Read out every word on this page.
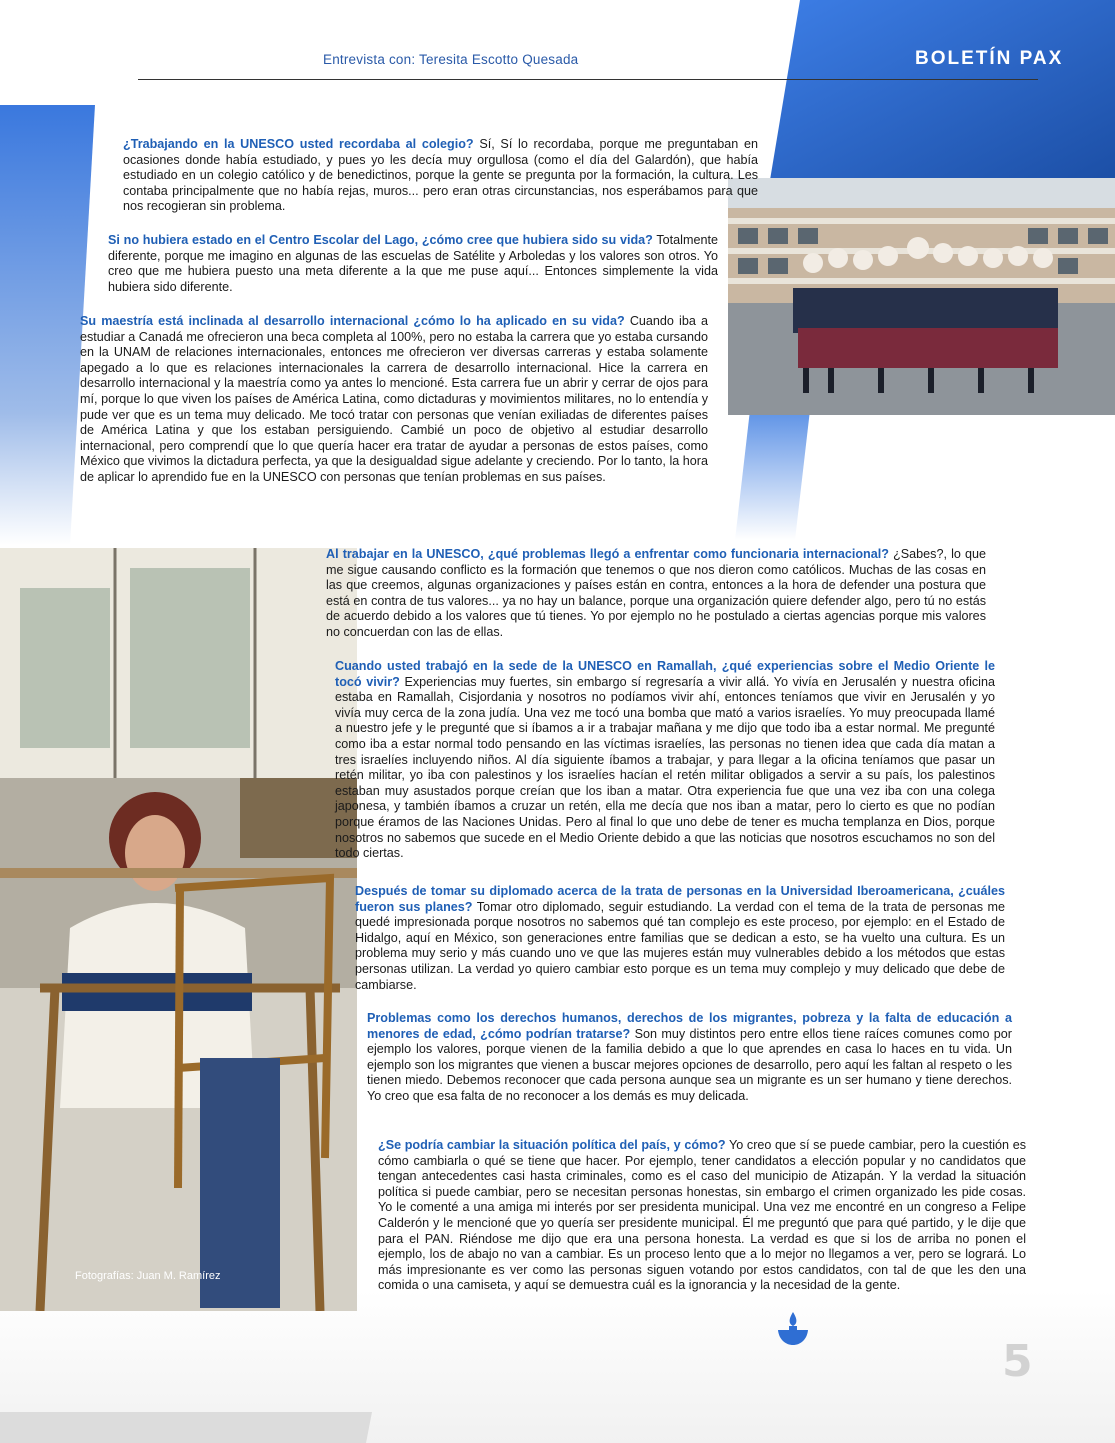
Entrevista con: Teresita Escotto Quesada	BOLETÍN PAX
Fotografías: Juan M. Ramírez
¿Trabajando en la UNESCO usted recordaba al colegio? Sí, Sí lo recordaba, porque me preguntaban en ocasiones donde había estudiado, y pues yo les decía muy orgullosa (como el día del Galardón), que había estudiado en un colegio católico y de benedictinos, porque la gente se pregunta por la formación, la cultura. Les contaba principalmente que no había rejas, muros... pero eran otras circunstancias, nos esperábamos para que nos recogieran sin problema.
Si no hubiera estado en el Centro Escolar del Lago, ¿cómo cree que hubiera sido su vida? Totalmente diferente, porque me imagino en algunas de las escuelas de Satélite y Arboledas y los valores son otros. Yo creo que me hubiera puesto una meta diferente a la que me puse aquí... Entonces simplemente la vida hubiera sido diferente.
Su maestría está inclinada al desarrollo internacional ¿cómo lo ha aplicado en su vida? Cuando iba a estudiar a Canadá me ofrecieron una beca completa al 100%, pero no estaba la carrera que yo estaba cursando en la UNAM de relaciones internacionales, entonces me ofrecieron ver diversas carreras y estaba solamente apegado a lo que es relaciones internacionales la carrera de desarrollo internacional. Hice la carrera en desarrollo internacional y la maestría como ya antes lo mencioné. Esta carrera fue un abrir y cerrar de ojos para mí, porque lo que viven los países de América Latina, como dictaduras y movimientos militares, no lo entendía y pude ver que es un tema muy delicado. Me tocó tratar con personas que venían exiliadas de diferentes países de América Latina y que los estaban persiguiendo. Cambié un poco de objetivo al estudiar desarrollo internacional, pero comprendí que lo que quería hacer era tratar de ayudar a personas de estos países, como México que vivimos la dictadura perfecta, ya que la desigualdad sigue adelante y creciendo. Por lo tanto, la hora de aplicar lo aprendido fue en la UNESCO con personas que tenían problemas en sus países.
Al trabajar en la UNESCO, ¿qué problemas llegó a enfrentar como funcionaria internacional? ¿Sabes?, lo que me sigue causando conflicto es la formación que tenemos o que nos dieron como católicos. Muchas de las cosas en las que creemos, algunas organizaciones y países están en contra, entonces a la hora de defender una postura que está en contra de tus valores... ya no hay un balance, porque una organización quiere defender algo, pero tú no estás de acuerdo debido a los valores que tú tienes. Yo por ejemplo no he postulado a ciertas agencias porque mis valores no concuerdan con las de ellas.
Cuando usted trabajó en la sede de la UNESCO en Ramallah, ¿qué experiencias sobre el Medio Oriente le tocó vivir? Experiencias muy fuertes, sin embargo sí regresaría a vivir allá. Yo vivía en Jerusalén y nuestra oficina estaba en Ramallah, Cisjordania y nosotros no podíamos vivir ahí, entonces teníamos que vivir en Jerusalén y yo vivía muy cerca de la zona judía. Una vez me tocó una bomba que mató a varios israelíes. Yo muy preocupada llamé a nuestro jefe y le pregunté que si íbamos a ir a trabajar mañana y me dijo que todo iba a estar normal. Me pregunté como iba a estar normal todo pensando en las víctimas israelíes, las personas no tienen idea que cada día matan a tres israelíes incluyendo niños. Al día siguiente íbamos a trabajar, y para llegar a la oficina teníamos que pasar un retén militar, yo iba con palestinos y los israelíes hacían el retén militar obligados a servir a su país, los palestinos estaban muy asustados porque creían que los iban a matar. Otra experiencia fue que una vez iba con una colega japonesa, y también íbamos a cruzar un retén, ella me decía que nos iban a matar, pero lo cierto es que no podían porque éramos de las Naciones Unidas. Pero al final lo que uno debe de tener es mucha templanza en Dios, porque nosotros no sabemos que sucede en el Medio Oriente debido a que las noticias que nosotros escuchamos no son del todo ciertas.
Después de tomar su diplomado acerca de la trata de personas en la Universidad Iberoamericana, ¿cuáles fueron sus planes? Tomar otro diplomado, seguir estudiando. La verdad con el tema de la trata de personas me quedé impresionada porque nosotros no sabemos qué tan complejo es este proceso, por ejemplo: en el Estado de Hidalgo, aquí en México, son generaciones entre familias que se dedican a esto, se ha vuelto una cultura. Es un problema muy serio y más cuando uno ve que las mujeres están muy vulnerables debido a los métodos que estas personas utilizan. La verdad yo quiero cambiar esto porque es un tema muy complejo y muy delicado que debe de cambiarse.
Problemas como los derechos humanos, derechos de los migrantes, pobreza y la falta de educación a menores de edad, ¿cómo podrían tratarse? Son muy distintos pero entre ellos tiene raíces comunes como por ejemplo los valores, porque vienen de la familia debido a que lo que aprendes en casa lo haces en tu vida. Un ejemplo son los migrantes que vienen a buscar mejores opciones de desarrollo, pero aquí les faltan al respeto o les tienen miedo. Debemos reconocer que cada persona aunque sea un migrante es un ser humano y tiene derechos. Yo creo que esa falta de no reconocer a los demás es muy delicada.
¿Se podría cambiar la situación política del país, y cómo? Yo creo que sí se puede cambiar, pero la cuestión es cómo cambiarla o qué se tiene que hacer. Por ejemplo, tener candidatos a elección popular y no candidatos que tengan antecedentes casi hasta criminales, como es el caso del municipio de Atizapán. Y la verdad la situación política si puede cambiar, pero se necesitan personas honestas, sin embargo el crimen organizado les pide cosas. Yo le comenté a una amiga mi interés por ser presidenta municipal. Una vez me encontré en un congreso a Felipe Calderón y le mencioné que yo quería ser presidente municipal. Él me preguntó que para qué partido, y le dije que para el PAN. Riéndose me dijo que era una persona honesta. La verdad es que si los de arriba no ponen el ejemplo, los de abajo no van a cambiar. Es un proceso lento que a lo mejor no llegamos a ver, pero se logrará. Lo más impresionante es ver como las personas siguen votando por estos candidatos, con tal de que les den una comida o una camiseta, y aquí se demuestra cuál es la ignorancia y la necesidad de la gente.
5
